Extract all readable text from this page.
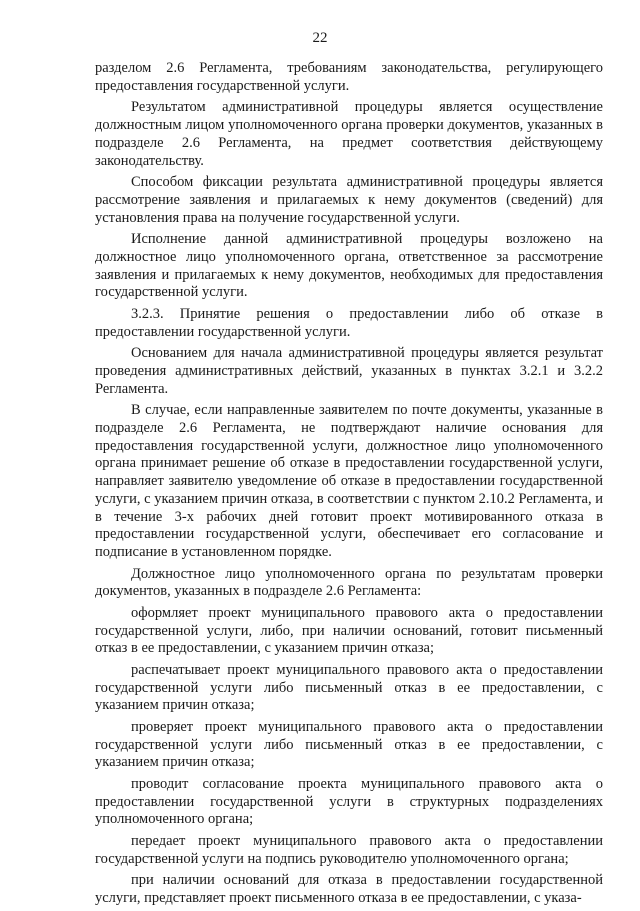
22

разделом 2.6 Регламента, требованиям законодательства, регулирующего предоставления государственной услуги.

Результатом административной процедуры является осуществление должностным лицом уполномоченного органа проверки документов, указанных в подразделе 2.6 Регламента, на предмет соответствия действующему законодательству.

Способом фиксации результата административной процедуры является рассмотрение заявления и прилагаемых к нему документов (сведений) для установления права на получение государственной услуги.

Исполнение данной административной процедуры возложено на должностное лицо уполномоченного органа, ответственное за рассмотрение заявления и прилагаемых к нему документов, необходимых для предоставления государственной услуги.

3.2.3. Принятие решения о предоставлении либо об отказе в предоставлении государственной услуги.

Основанием для начала административной процедуры является результат проведения административных действий, указанных в пунктах 3.2.1 и 3.2.2 Регламента.

В случае, если направленные заявителем по почте документы, указанные в подразделе 2.6 Регламента, не подтверждают наличие основания для предоставления государственной услуги, должностное лицо уполномоченного органа принимает решение об отказе в предоставлении государственной услуги, направляет заявителю уведомление об отказе в предоставлении государственной услуги, с указанием причин отказа, в соответствии с пунктом 2.10.2 Регламента, и в течение 3-х рабочих дней готовит проект мотивированного отказа в предоставлении государственной услуги, обеспечивает его согласование и подписание в установленном порядке.

Должностное лицо уполномоченного органа по результатам проверки документов, указанных в подразделе 2.6 Регламента:

оформляет проект муниципального правового акта о предоставлении государственной услуги, либо, при наличии оснований, готовит письменный отказ в ее предоставлении, с указанием причин отказа;

распечатывает проект муниципального правового акта о предоставлении государственной услуги либо письменный отказ в ее предоставлении, с указанием причин отказа;

проверяет проект муниципального правового акта о предоставлении государственной услуги либо письменный отказ в ее предоставлении, с указанием причин отказа;

проводит согласование проекта муниципального правового акта о предоставлении государственной услуги в структурных подразделениях уполномоченного органа;

передает проект муниципального правового акта о предоставлении государственной услуги на подпись руководителю уполномоченного органа;

при наличии оснований для отказа в предоставлении государственной услуги, представляет проект письменного отказа в ее предоставлении, с указа-
